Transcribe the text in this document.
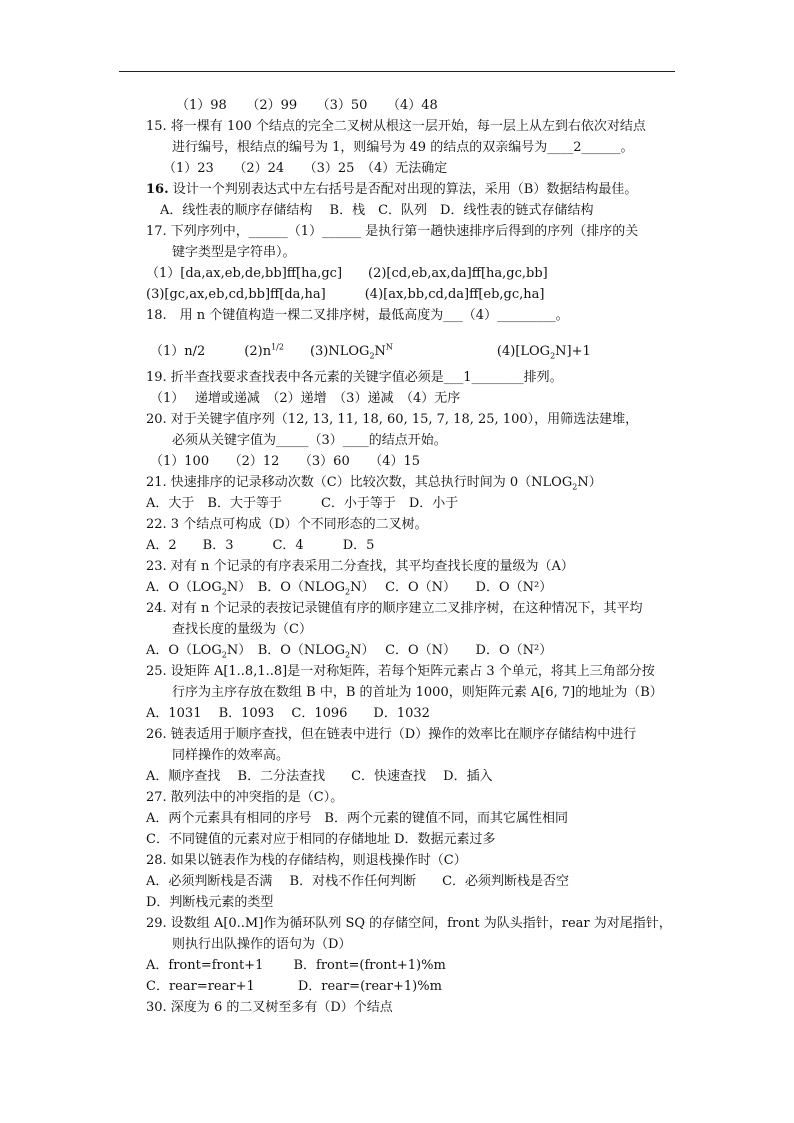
（1）98　　（2）99　　（3）50　　（4）48
15. 将一棵有 100 个结点的完全二叉树从根这一层开始，每一层上从左到右依次对结点
进行编号，根结点的编号为 1，则编号为 49 的结点的双亲编号为____2______。
（1）23　　（2）24　　（3）25　（4）无法确定
16. 设计一个判别表达式中左右括号是否配对出现的算法，采用（B）数据结构最佳。
A．线性表的顺序存储结构　 B．栈　C．队列　D．线性表的链式存储结构
17. 下列序列中，______（1）______ 是执行第一趟快速排序后得到的序列（排序的关
键字类型是字符串）。
（1）[da,ax,eb,de,bb]ff[ha,gc]　　(2)[cd,eb,ax,da]ff[ha,gc,bb]
(3)[gc,ax,eb,cd,bb]ff[da,ha]　　　(4)[ax,bb,cd,da]ff[eb,gc,ha]
18.　用 n 个键值构造一棵二叉排序树，最低高度为___（4）_________。
（1）n/2　　　$(2)n^{1/2}$　　$(3)NLOG_2N^N$　　　　　　　　$(4)[LOG_2N]+1$
19. 折半查找要求查找表中各元素的关键字值必须是___1________排列。
（1）　 递增或递减　（2）递增　（3）递减　（4）无序
20. 对于关键字值序列（12, 13, 11, 18, 60, 15, 7, 18, 25, 100），用筛选法建堆，
必须从关键字值为_____（3）____的结点开始。
（1）100　　（2）12　　（3）60　　（4）15
21. 快速排序的记录移动次数（C）比较次数，其总执行时间为 $0(NLOG_2N)$
A．大于　B．大于等于　　　C．小于等于　D．小于
22. 3 个结点可构成（D）个不同形态的二叉树。
A．2　　B．3　　　C．4　　　D．5
23. 对有 n 个记录的有序表采用二分查找，其平均查找长度的量级为（A）
A．$O(LOG_2N)$　B．$O(NLOG_2N)$　 C．O（N）　　D．O（N²）
24. 对有 n 个记录的表按记录键值有序的顺序建立二叉排序树，在这种情况下，其平均
查找长度的量级为（C）
A．$O(LOG_2N)$　B．$O(NLOG_2N)$　 C．O（N）　　D．O（N²）
25. 设矩阵 A[1..8,1..8]是一对称矩阵，若每个矩阵元素占 3 个单元，将其上三角部分按
行序为主序存放在数组 B 中，B 的首址为 1000，则矩阵元素 A[6, 7]的地址为（B）
A．1031　 B．1093　 C．1096　　D．1032
26. 链表适用于顺序查找，但在链表中进行（D）操作的效率比在顺序存储结构中进行
同样操作的效率高。
A．顺序查找　 B．二分法查找　　C．快速查找　 D．插入
27. 散列法中的冲突指的是（C）。
A．两个元素具有相同的序号　B．两个元素的键值不同，而其它属性相同
C．不同键值的元素对应于相同的存储地址 D．数据元素过多
28. 如果以链表作为栈的存储结构，则退栈操作时（C）
A．必须判断栈是否满　 B．对栈不作任何判断　　C．必须判断栈是否空
D．判断栈元素的类型
29. 设数组 A[0..M]作为循环队列 SQ 的存储空间，front 为队头指针，rear 为对尾指针，
则执行出队操作的语句为（D）
A．front=front+1　　 B．front=(front+1)%m
C．rear=rear+1　　　 D．rear=(rear+1)%m
30. 深度为 6 的二叉树至多有（D）个结点
